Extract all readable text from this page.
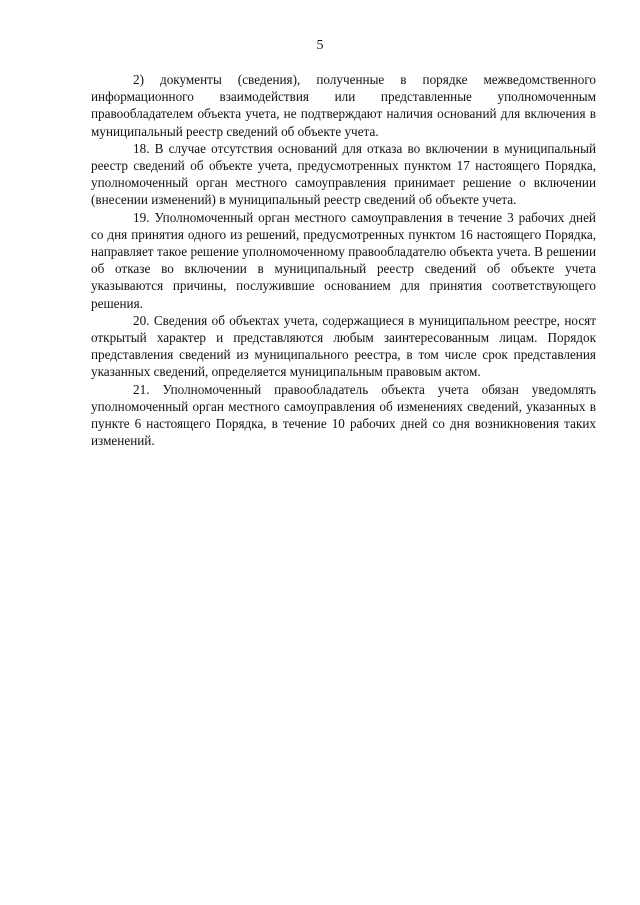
5

2) документы (сведения), полученные в порядке межведомственного информационного взаимодействия или представленные уполномоченным правообладателем объекта учета, не подтверждают наличия оснований для включения в муниципальный реестр сведений об объекте учета.

18. В случае отсутствия оснований для отказа во включении в муниципальный реестр сведений об объекте учета, предусмотренных пунктом 17 настоящего Порядка, уполномоченный орган местного самоуправления принимает решение о включении (внесении изменений) в муниципальный реестр сведений об объекте учета.

19. Уполномоченный орган местного самоуправления в течение 3 рабочих дней со дня принятия одного из решений, предусмотренных пунктом 16 настоящего Порядка, направляет такое решение уполномоченному правообладателю объекта учета. В решении об отказе во включении в муниципальный реестр сведений об объекте учета указываются причины, послужившие основанием для принятия соответствующего решения.

20. Сведения об объектах учета, содержащиеся в муниципальном реестре, носят открытый характер и представляются любым заинтересованным лицам. Порядок представления сведений из муниципального реестра, в том числе срок представления указанных сведений, определяется муниципальным правовым актом.

21. Уполномоченный правообладатель объекта учета обязан уведомлять уполномоченный орган местного самоуправления об изменениях сведений, указанных в пункте 6 настоящего Порядка, в течение 10 рабочих дней со дня возникновения таких изменений.
